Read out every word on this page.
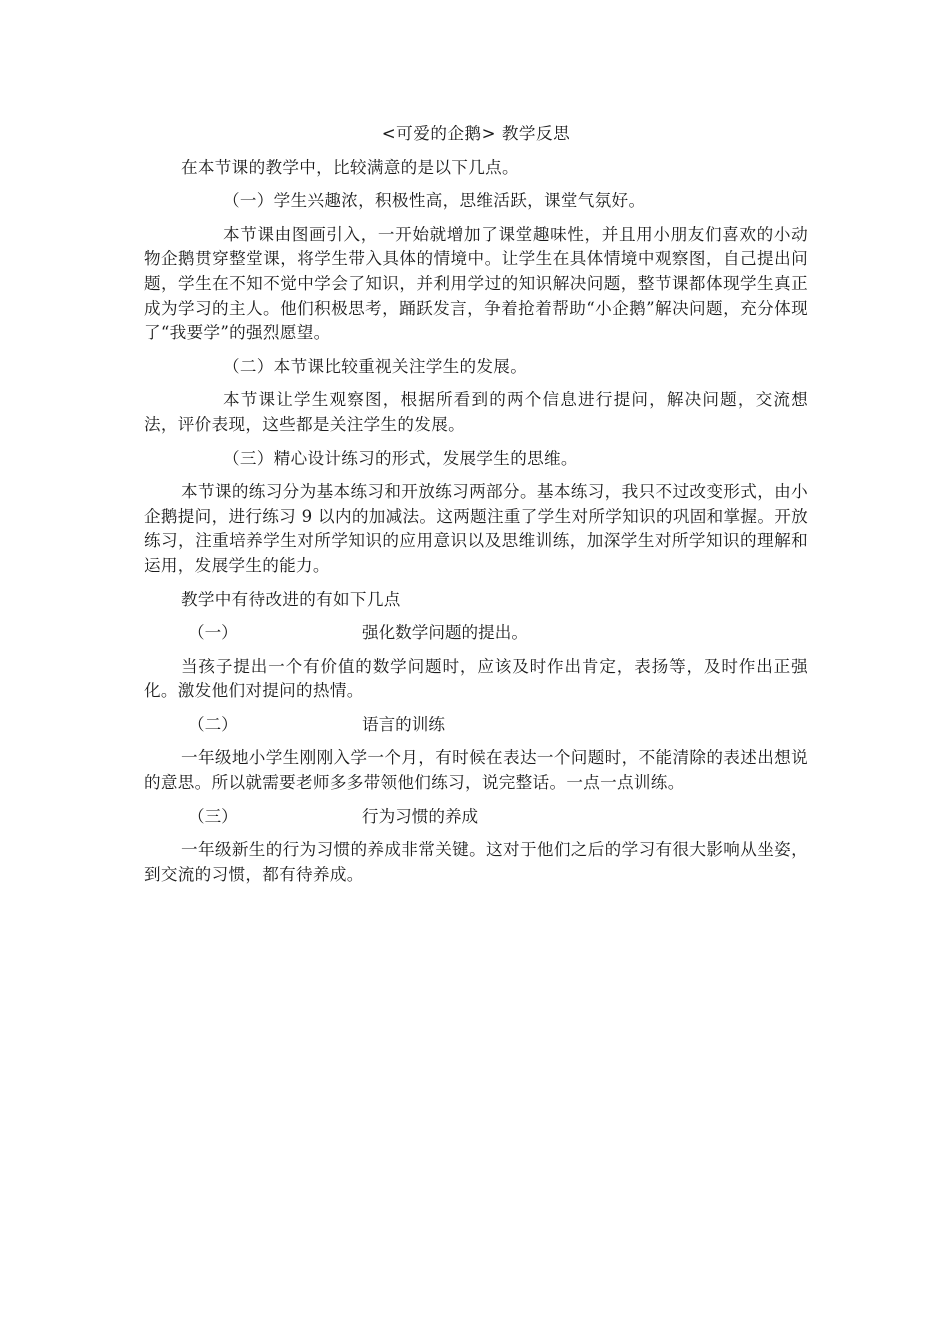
<可爱的企鹅> 教学反思

在本节课的教学中，比较满意的是以下几点。

（一）学生兴趣浓，积极性高，思维活跃，课堂气氛好。

本节课由图画引入，一开始就增加了课堂趣味性，并且用小朋友们喜欢的小动物企鹅贯穿整堂课，将学生带入具体的情境中。让学生在具体情境中观察图，自己提出问题，学生在不知不觉中学会了知识，并利用学过的知识解决问题，整节课都体现学生真正成为学习的主人。他们积极思考，踊跃发言，争着抢着帮助“小企鹅”解决问题，充分体现了“我要学”的强烈愿望。

（二）本节课比较重视关注学生的发展。

本节课让学生观察图，根据所看到的两个信息进行提问，解决问题，交流想法，评价表现，这些都是关注学生的发展。

（三）精心设计练习的形式，发展学生的思维。

本节课的练习分为基本练习和开放练习两部分。基本练习，我只不过改变形式，由小企鹅提问，进行练习 9 以内的加减法。这两题注重了学生对所学知识的巩固和掌握。开放练习，注重培养学生对所学知识的应用意识以及思维训练，加深学生对所学知识的理解和运用，发展学生的能力。

教学中有待改进的有如下几点

（一）	强化数学问题的提出。

当孩子提出一个有价值的数学问题时，应该及时作出肯定，表扬等，及时作出正强化。激发他们对提问的热情。

（二）	语言的训练

一年级地小学生刚刚入学一个月，有时候在表达一个问题时，不能清除的表述出想说的意思。所以就需要老师多多带领他们练习，说完整话。一点一点训练。

（三）	行为习惯的养成

一年级新生的行为习惯的养成非常关键。这对于他们之后的学习有很大影响从坐姿，到交流的习惯，都有待养成。
